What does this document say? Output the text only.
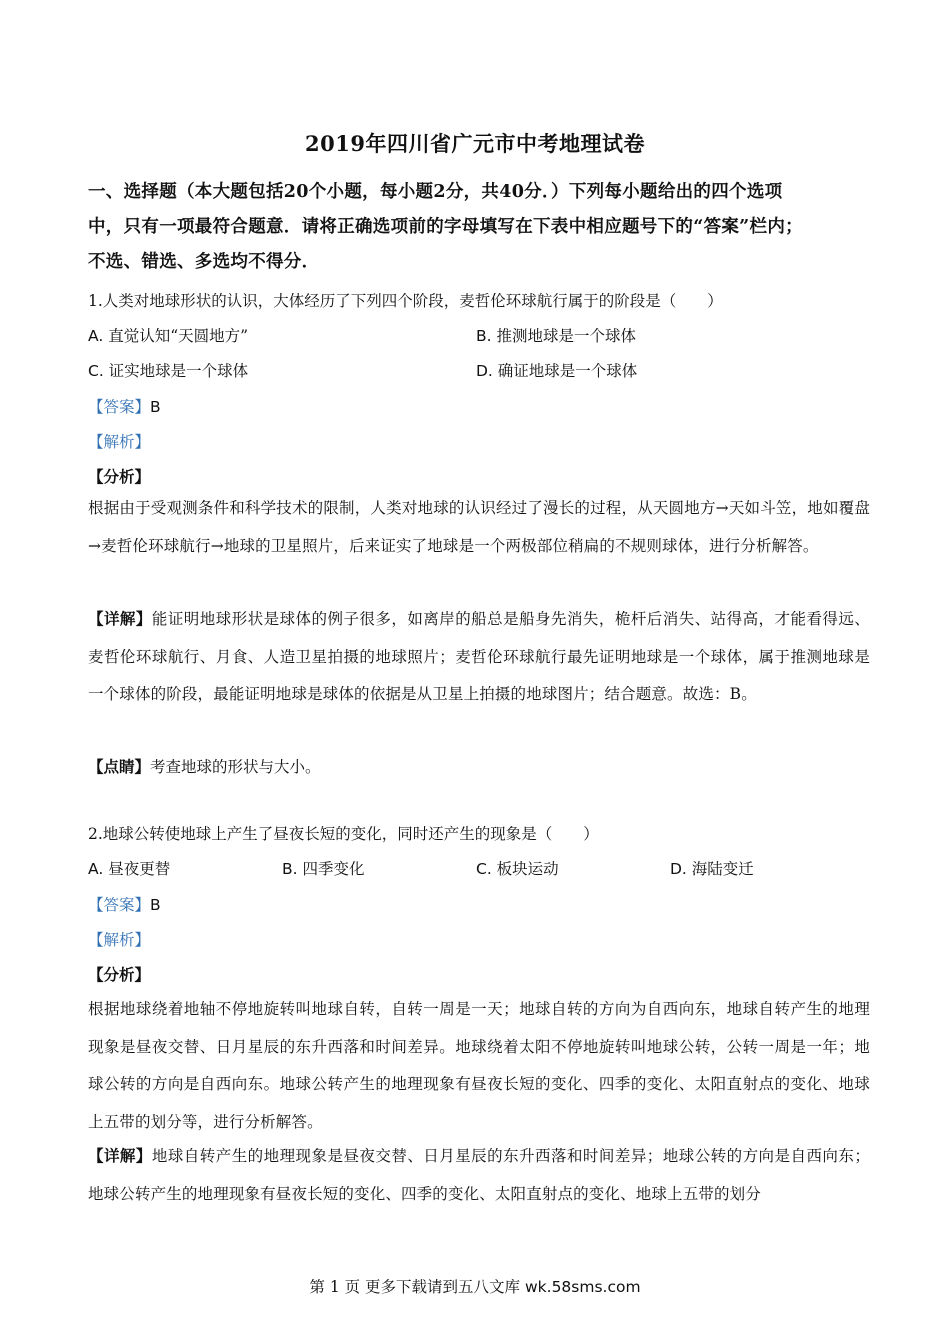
2019年四川省广元市中考地理试卷
一、选择题（本大题包括20个小题，每小题2分，共40分．）下列每小题给出的四个选项
中，只有一项最符合题意．请将正确选项前的字母填写在下表中相应题号下的“答案”栏内；
不选、错选、多选均不得分．
1.人类对地球形状的认识，大体经历了下列四个阶段，麦哲伦环球航行属于的阶段是（　　）
A. 直觉认知“天圆地方”	B. 推测地球是一个球体
C. 证实地球是一个球体	D. 确证地球是一个球体
【答案】B
【解析】
【分析】
根据由于受观测条件和科学技术的限制，人类对地球的认识经过了漫长的过程，从天圆地方→天如斗笠，地如覆盘→麦哲伦环球航行→地球的卫星照片，后来证实了地球是一个两极部位稍扁的不规则球体，进行分析解答。
【详解】能证明地球形状是球体的例子很多，如离岸的船总是船身先消失，桅杆后消失、站得高，才能看得远、麦哲伦环球航行、月食、人造卫星拍摄的地球照片；麦哲伦环球航行最先证明地球是一个球体，属于推测地球是一个球体的阶段，最能证明地球是球体的依据是从卫星上拍摄的地球图片；结合题意。故选：B。
【点睛】考查地球的形状与大小。
2.地球公转使地球上产生了昼夜长短的变化，同时还产生的现象是（　　）
A. 昼夜更替	B. 四季变化	C. 板块运动	D. 海陆变迁
【答案】B
【解析】
【分析】
根据地球绕着地轴不停地旋转叫地球自转，自转一周是一天；地球自转的方向为自西向东，地球自转产生的地理现象是昼夜交替、日月星辰的东升西落和时间差异。地球绕着太阳不停地旋转叫地球公转，公转一周是一年；地球公转的方向是自西向东。地球公转产生的地理现象有昼夜长短的变化、四季的变化、太阳直射点的变化、地球上五带的划分等，进行分析解答。
【详解】地球自转产生的地理现象是昼夜交替、日月星辰的东升西落和时间差异；地球公转的方向是自西向东；地球公转产生的地理现象有昼夜长短的变化、四季的变化、太阳直射点的变化、地球上五带的划分
第 1 页 更多下载请到五八文库 wk.58sms.com
